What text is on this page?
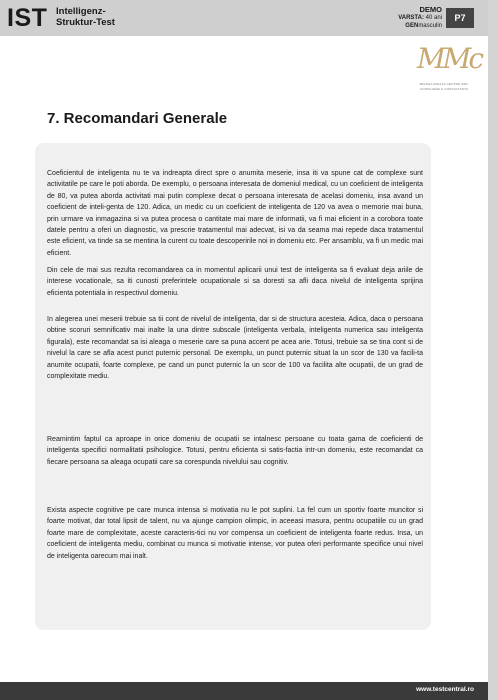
IST Intelligenz-
Struktur-Test
DEMO
VARSTA: 40 ani
GENmasculin
P7
MMc
MIRCEA MIHALA CENTRE MMc
CONSILIERE & CONSULTANTA
7. Recomandari Generale

Coeficientul de inteligenta nu te va indreapta direct spre o anumita meserie, insa iti va spune cat de complexe sunt activitatile pe care le poti aborda. De exemplu, o persoana interesata de domeniul medical, cu un coeficient de inteligenta de 80, va putea aborda activitati mai putin complexe decat o persoana interesata de acelasi domeniu, insa avand un coeficient de inteli-genta de 120. Adica, un medic cu un coeficient de inteligenta de 120 va avea o memorie mai buna, prin urmare va inmagazina si va putea procesa o cantitate mai mare de informatii, va fi mai eficient in a corobora toate datele pentru a oferi un diagnostic, va prescrie tratamentul mai adecvat, isi va da seama mai repede daca tratamentul este eficient, va tinde sa se mentina la curent cu toate descoperirile noi in domeniu etc. Per ansamblu, va fi un medic mai eficient.

Din cele de mai sus rezulta recomandarea ca in momentul aplicarii unui test de inteligenta sa fi evaluat deja ariile de interese vocationale, sa iti cunosti preferintele ocupationale si sa doresti sa afli daca nivelul de inteligenta sprijina eficienta potentiala in respectivul domeniu.

In alegerea unei meserii trebuie sa tii cont de nivelul de inteligenta, dar si de structura acesteia. Adica, daca o persoana obtine scoruri semnificativ mai inalte la una dintre subscale (inteligenta verbala, inteligenta numerica sau inteligenta figurala), este recomandat sa isi aleaga o meserie care sa puna accent pe acea arie. Totusi, trebuie sa se tina cont si de nivelul la care se afla acest punct puternic personal. De exemplu, un punct puternic situat la un scor de 130 va facili-ta anumite ocupatii, foarte complexe, pe cand un punct puternic la un scor de 100 va facilita alte ocupatii, de un grad de complexitate mediu.

Reamintim faptul ca aproape in orice domeniu de ocupatii se intalnesc persoane cu toata gama de coeficienti de inteligenta specifici normalitatii psihologice. Totusi, pentru eficienta si satis-factia intr-un domeniu, este recomandat ca fiecare persoana sa aleaga ocupatii care sa corespunda nivelului sau cognitiv.

Exista aspecte cognitive pe care munca intensa si motivatia nu le pot suplini. La fel cum un sportiv foarte muncitor si foarte motivat, dar total lipsit de talent, nu va ajunge campion olimpic, in aceeasi masura, pentru ocupatiile cu un grad foarte mare de complexitate, aceste caracteris-tici nu vor compensa un coeficient de inteligenta foarte redus. Insa, un coeficient de inteligenta mediu, combinat cu munca si motivatie intense, vor putea oferi performante specifice unui nivel de inteligenta oarecum mai inalt.

www.testcentral.ro
